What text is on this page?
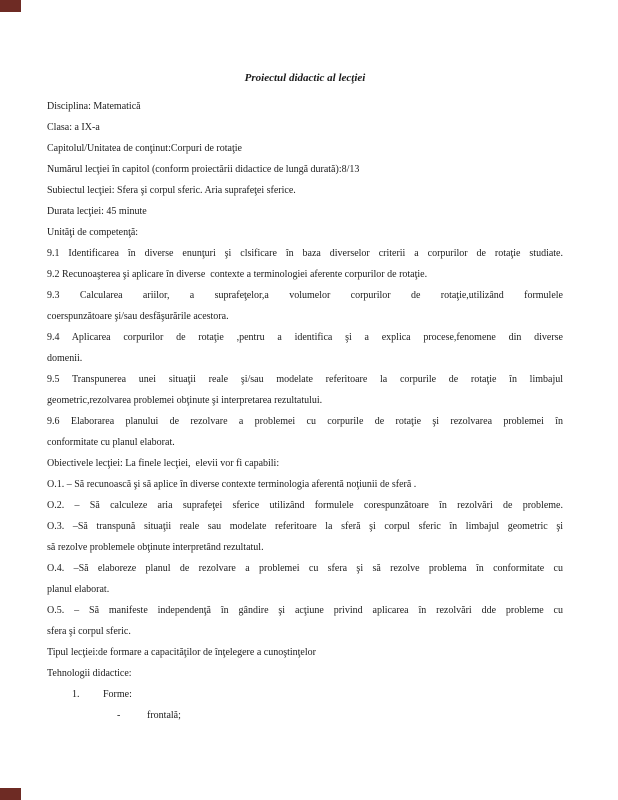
Proiectul didactic al lecţiei
Disciplina: Matematică
Clasa: a IX-a
Capitolul/Unitatea de conţinut:Corpuri de rotaţie
Numărul lecţiei în capitol (conform proiectării didactice de lungă durată):8/13
Subiectul lecţiei: Sfera şi corpul sferic. Aria suprafeţei sferice.
Durata lecţiei: 45 minute
Unităţi de competenţă:
9.1 Identificarea în diverse enunţuri şi clsificare în baza diverselor criterii a corpurilor de rotaţie studiate.
9.2 Recunoaşterea şi aplicare în diverse  contexte a terminologiei aferente corpurilor de rotaţie.
9.3 Calcularea ariilor, a suprafeţelor,a volumelor corpurilor de rotaţie,utilizând formulele
coerspunzătoare şi/sau desfăşurările acestora.
9.4 Aplicarea corpurilor de rotaţie ,pentru a identifica şi a explica procese,fenomene din diverse
domenii.
9.5 Transpunerea unei situaţii reale şi/sau modelate referitoare la corpurile de rotaţie în limbajul
geometric,rezolvarea problemei obţinute şi interpretarea rezultatului.
9.6 Elaborarea planului de rezolvare a problemei cu corpurile de rotaţie şi rezolvarea problemei în
conformitate cu planul elaborat.
Obiectivele lecţiei: La finele lecţiei,  elevii vor fi capabili:
O.1. – Să recunoască şi să aplice în diverse contexte terminologia aferentă noţiunii de sferă .
O.2. – Să calculeze aria suprafeţei sferice utilizând formulele corespunzătoare în rezolvări de probleme.
O.3. –Să transpună situaţii reale sau modelate referitoare la sferă şi corpul sferic în limbajul geometric şi
să rezolve problemele obţinute interpretând rezultatul.
O.4. –Să elaboreze planul de rezolvare a problemei cu sfera şi să rezolve problema în conformitate cu
planul elaborat.
O.5. – Să manifeste independenţă în gândire şi acţiune privind aplicarea în rezolvări dde probleme cu
sfera şi corpul sferic.
Tipul lecţiei:de formare a capacităţilor de înţelegere a cunoştinţelor
Tehnologii didactice:
1. Forme:
-	frontală;
